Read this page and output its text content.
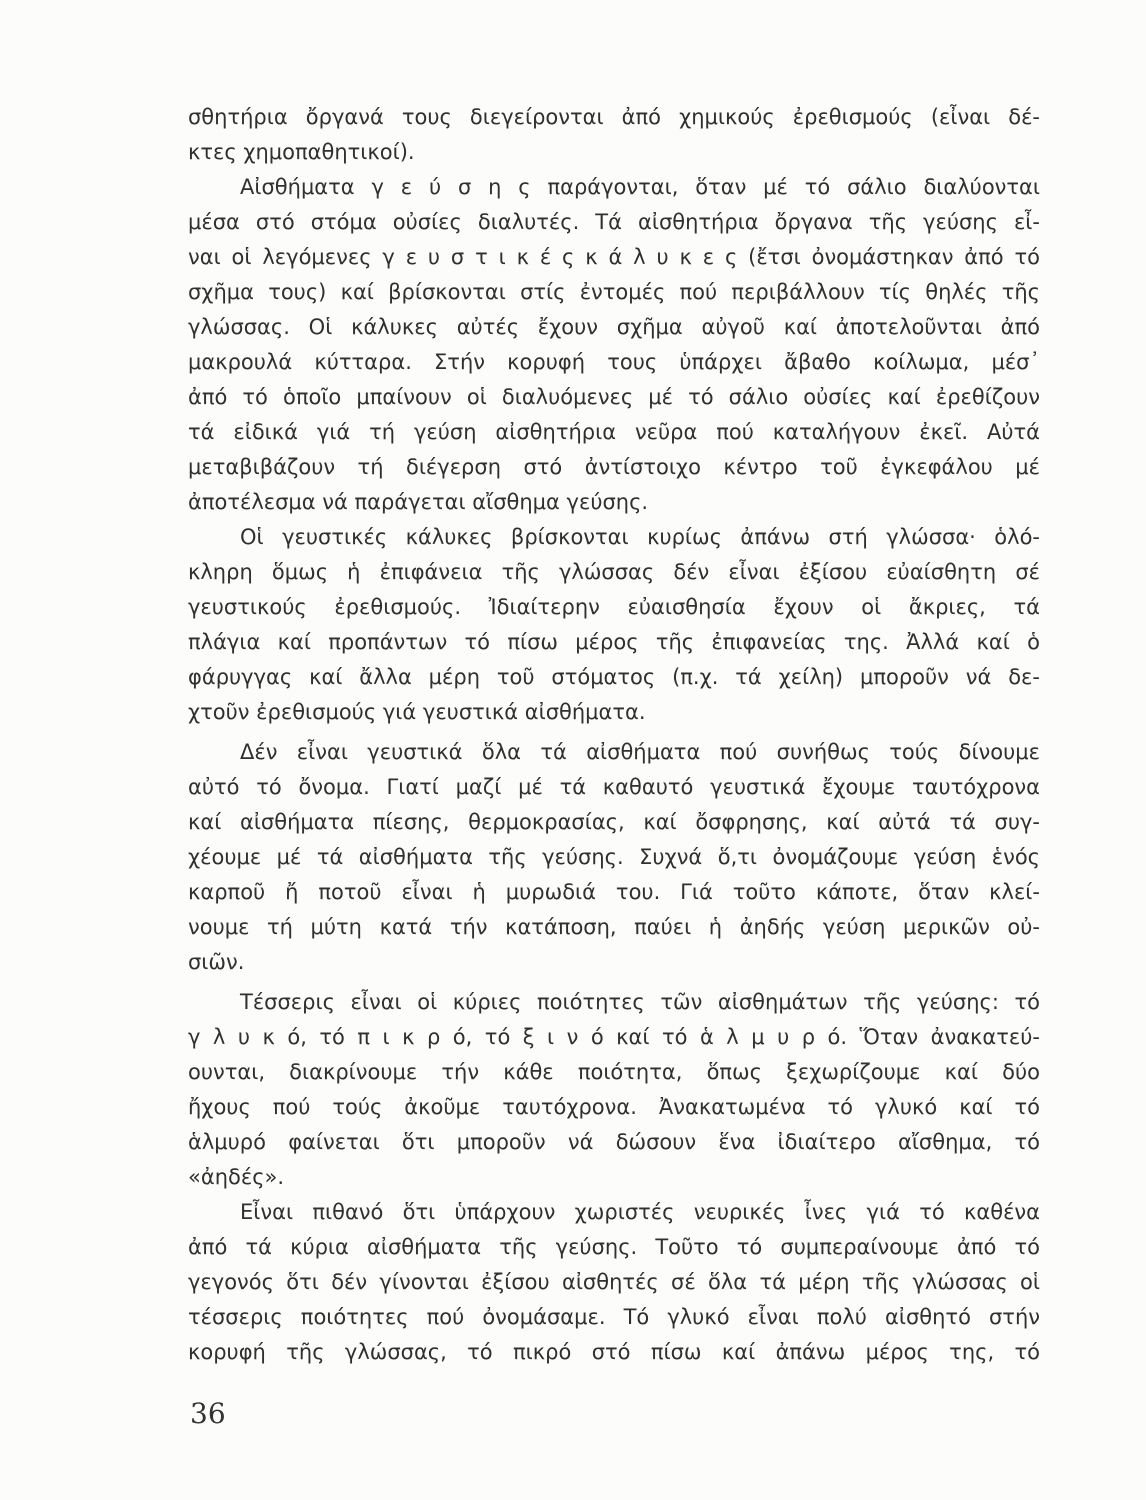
σθητήρια ὄργανά τους διεγείρονται ἀπό χημικούς ἐρεθισμούς (εἶναι δέ-
κτες χημοπαθητικοί).
Αἰσθήματα γ ε ύ σ η ς παράγονται, ὅταν μέ τό σάλιο διαλύονται
μέσα στό στόμα οὐσίες διαλυτές. Τά αἰσθητήρια ὄργανα τῆς γεύσης εἶ-
ναι οἱ λεγόμενες γ ε υ σ τ ι κ έ ς κ ά λ υ κ ε ς (ἔτσι ὀνομάστηκαν ἀπό τό
σχῆμα τους) καί βρίσκονται στίς ἐντομές πού περιβάλλουν τίς θηλές τῆς
γλώσσας. Οἱ κάλυκες αὐτές ἔχουν σχῆμα αὐγοῦ καί ἀποτελοῦνται ἀπό
μακρουλά κύτταρα. Στήν κορυφή τους ὑπάρχει ἄβαθο κοίλωμα, μέσ᾽
ἀπό τό ὁποῖο μπαίνουν οἱ διαλυόμενες μέ τό σάλιο οὐσίες καί ἐρεθίζουν
τά εἰδικά γιά τή γεύση αἰσθητήρια νεῦρα πού καταλήγουν ἐκεῖ. Αὐτά
μεταβιβάζουν τή διέγερση στό ἀντίστοιχο κέντρο τοῦ ἐγκεφάλου μέ
ἀποτέλεσμα νά παράγεται αἴσθημα γεύσης.
Οἱ γευστικές κάλυκες βρίσκονται κυρίως ἀπάνω στή γλώσσα· ὁλό-
κληρη ὅμως ἡ ἐπιφάνεια τῆς γλώσσας δέν εἶναι ἐξίσου εὐαίσθητη σέ
γευστικούς ἐρεθισμούς. Ἰδιαίτερην εὐαισθησία ἔχουν οἱ ἄκριες, τά
πλάγια καί προπάντων τό πίσω μέρος τῆς ἐπιφανείας της. Ἀλλά καί ὁ
φάρυγγας καί ἄλλα μέρη τοῦ στόματος (π.χ. τά χείλη) μποροῦν νά δε-
χτοῦν ἐρεθισμούς γιά γευστικά αἰσθήματα.
Δέν εἶναι γευστικά ὅλα τά αἰσθήματα πού συνήθως τούς δίνουμε
αὐτό τό ὄνομα. Γιατί μαζί μέ τά καθαυτό γευστικά ἔχουμε ταυτόχρονα
καί αἰσθήματα πίεσης, θερμοκρασίας, καί ὄσφρησης, καί αὐτά τά συγ-
χέουμε μέ τά αἰσθήματα τῆς γεύσης. Συχνά ὅ,τι ὀνομάζουμε γεύση ἑνός
καρποῦ ἤ ποτοῦ εἶναι ἡ μυρωδιά του. Γιά τοῦτο κάποτε, ὅταν κλεί-
νουμε τή μύτη κατά τήν κατάποση, παύει ἡ ἀηδής γεύση μερικῶν οὐ-
σιῶν.
Τέσσερις εἶναι οἱ κύριες ποιότητες τῶν αἰσθημάτων τῆς γεύσης: τό
γ λ υ κ ό, τό π ι κ ρ ό, τό ξ ι ν ό καί τό ἁ λ μ υ ρ ό. Ὅταν ἀνακατεύ-
ουνται, διακρίνουμε τήν κάθε ποιότητα, ὅπως ξεχωρίζουμε καί δύο
ἤχους πού τούς ἀκοῦμε ταυτόχρονα. Ἀνακατωμένα τό γλυκό καί τό
ἁλμυρό φαίνεται ὅτι μποροῦν νά δώσουν ἕνα ἰδιαίτερο αἴσθημα, τό
«ἀηδές».
Εἶναι πιθανό ὅτι ὑπάρχουν χωριστές νευρικές ἶνες γιά τό καθένα
ἀπό τά κύρια αἰσθήματα τῆς γεύσης. Τοῦτο τό συμπεραίνουμε ἀπό τό
γεγονός ὅτι δέν γίνονται ἐξίσου αἰσθητές σέ ὅλα τά μέρη τῆς γλώσσας οἱ
τέσσερις ποιότητες πού ὀνομάσαμε. Τό γλυκό εἶναι πολύ αἰσθητό στήν
κορυφή τῆς γλώσσας, τό πικρό στό πίσω καί ἀπάνω μέρος της, τό
36
